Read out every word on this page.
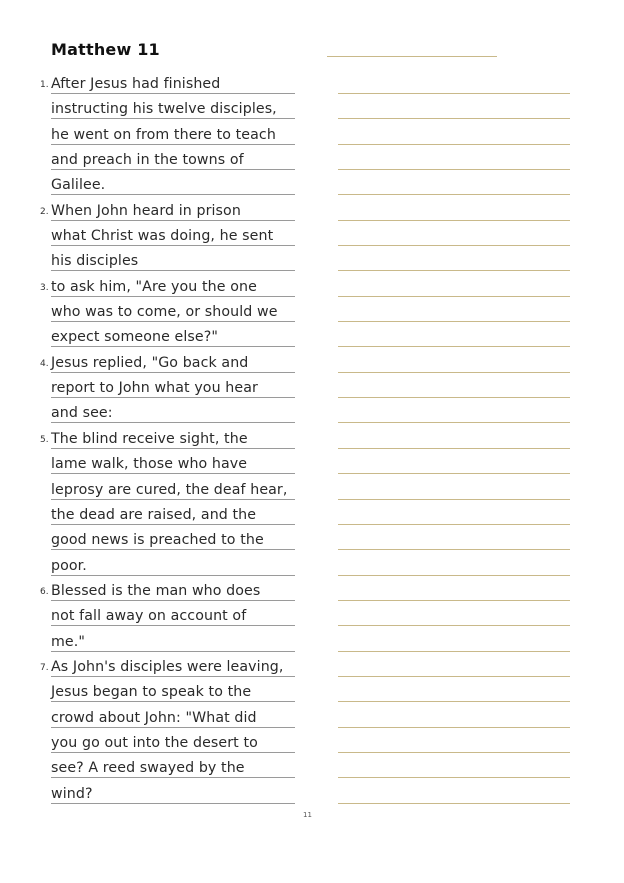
Matthew 11
1. After Jesus had finished
instructing his twelve disciples,
he went on from there to teach
and preach in the towns of
Galilee.
2. When John heard in prison
what Christ was doing, he sent
his disciples
3. to ask him, "Are you the one
who was to come, or should we
expect someone else?"
4. Jesus replied, "Go back and
report to John what you hear
and see:
5. The blind receive sight, the
lame walk, those who have
leprosy are cured, the deaf hear,
the dead are raised, and the
good news is preached to the
poor.
6. Blessed is the man who does
not fall away on account of
me."
7. As John's disciples were leaving,
Jesus began to speak to the
crowd about John: "What did
you go out into the desert to
see? A reed swayed by the
wind?
11
